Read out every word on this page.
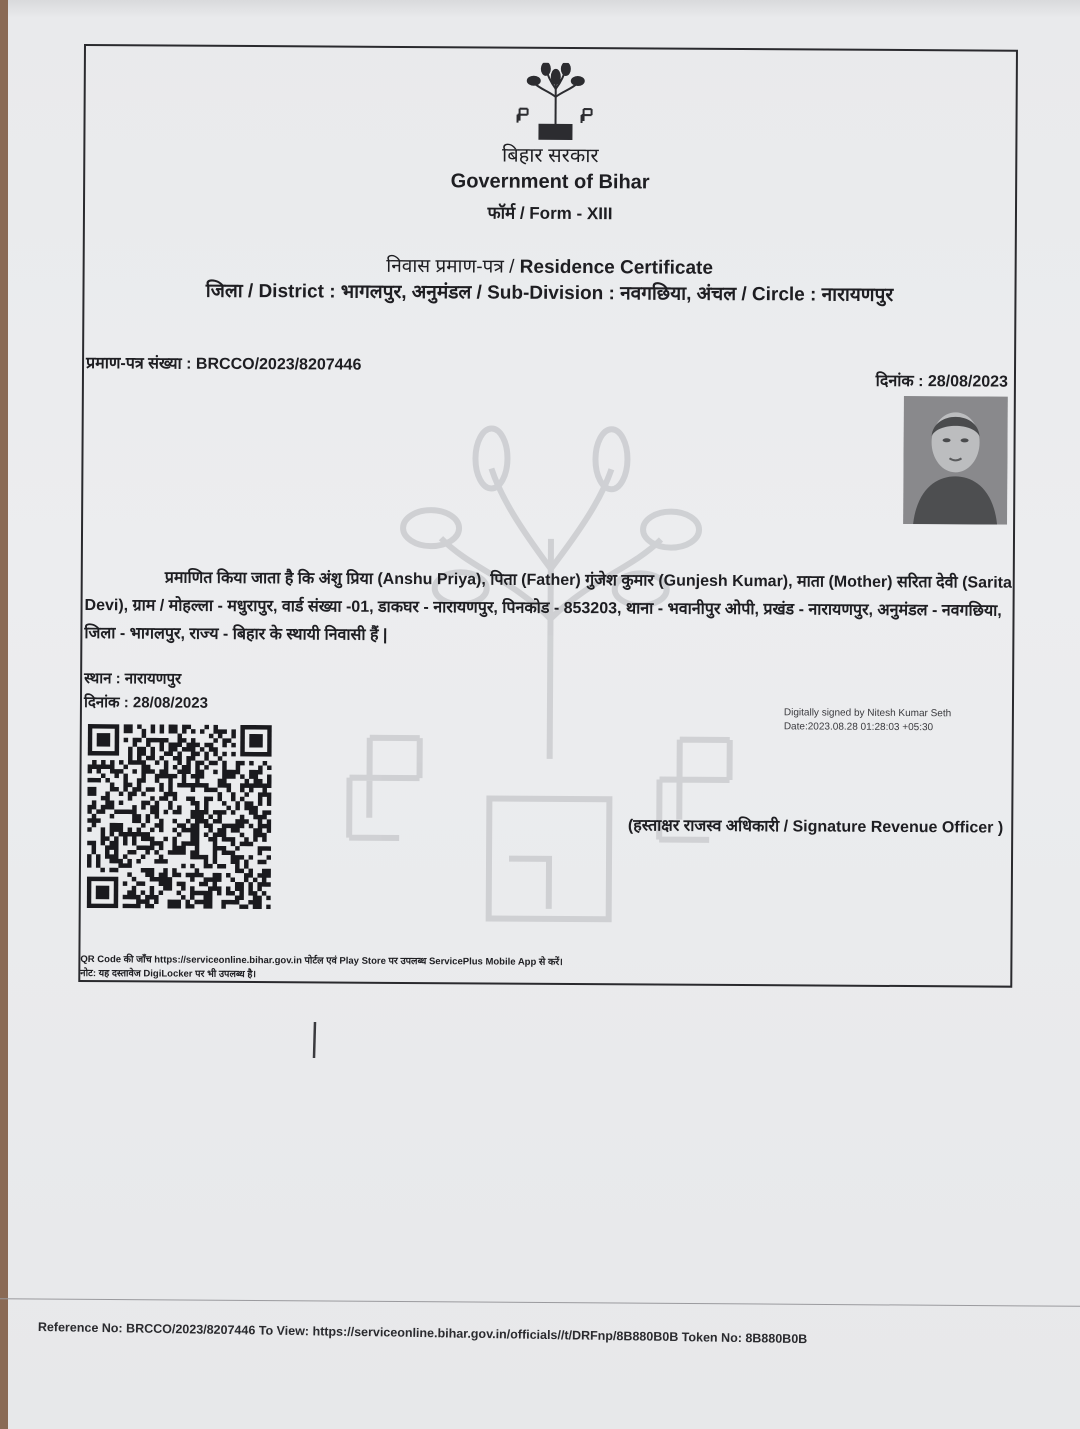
बिहार सरकार
Government of Bihar
फॉर्म / Form - XIII
निवास प्रमाण-पत्र / Residence Certificate
जिला / District : भागलपुर, अनुमंडल / Sub-Division : नवगछिया, अंचल / Circle : नारायणपुर
प्रमाण-पत्र संख्या : BRCCO/2023/8207446
दिनांक : 28/08/2023
प्रमाणित किया जाता है कि अंशु प्रिया (Anshu Priya), पिता (Father) गुंजेश कुमार (Gunjesh Kumar), माता (Mother) सरिता देवी (Sarita Devi), ग्राम / मोहल्ला - मधुरापुर, वार्ड संख्या -01, डाकघर - नारायणपुर, पिनकोड - 853203, थाना - भवानीपुर ओपी, प्रखंड - नारायणपुर, अनुमंडल - नवगछिया, जिला - भागलपुर, राज्य - बिहार के स्थायी निवासी हैं |
स्थान : नारायणपुर
दिनांक : 28/08/2023
Digitally signed by Nitesh Kumar Seth
Date:2023.08.28 01:28:03 +05:30
(हस्ताक्षर राजस्व अधिकारी / Signature Revenue Officer )
QR Code की जाँच https://serviceonline.bihar.gov.in पोर्टल एवं Play Store पर उपलब्ध ServicePlus Mobile App से करें।
नोट: यह दस्तावेज DigiLocker पर भी उपलब्ध है।
Reference No: BRCCO/2023/8207446 To View: https://serviceonline.bihar.gov.in/officials//t/DRFnp/8B880B0B Token No: 8B880B0B
